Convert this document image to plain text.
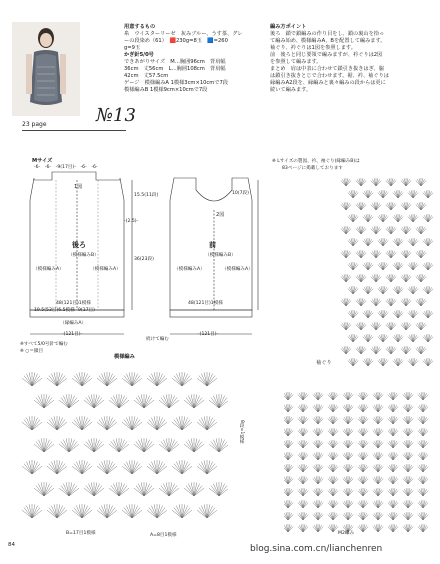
23 page	№13
用意するもの
糸　ウイスターリーゼ　灰みブルー、うす茶、グレ
ーの段染め（61）　🟥230g=8玉　🟦=260
g=9玉
かぎ針5/0号
できあがりサイズ　M…胸囲96cm　背肩幅
36cm　丈56cm　L…胸囲108cm　背肩幅
42cm　丈57.5cm
ゲージ　模様編みA 1模様3cm×10cmで7段
模様編みB 1模様9cm×10cmで7段
編み方ポイント
後ろ　鎖で鎖編みの作り目をし、鎖の裏山を拾っ
て編み始め、模様編みA、Bを配置して編みます。
袖ぐり、衿ぐりは1図を参照します。
前　後ろと同じ要領で編みますが、衿ぐりは2図
を参照して編みます。
まとめ　肩は中表に合わせて鎖引き抜きはぎ、脇
は鎖引き抜きとじで合わせます。裾、衿、袖ぐりは
縁編みA2段を、縁編みと裏々編みの段からは更に
続いて編みます。
Mサイズ
-6-　-6-　-9(17目)-　-6-　-6-
1図
2図
後ろ
（模様編みB）
前
（模様編みB）
（模様編みA）	（模様編みA）	（模様編みA）	（模様編みA）
36(23段)
15.5(11段)	10(7段)
-(2.5)-
48(121目)1模様	48(121目)1模様
19.5(53目)6.5模様 9(17目)
（縁編みA）
-(121目)-	-(121目)-
続けて編む
※ Lサイズの製図、衿、袖ぐり(縁編みB)は
83ページに掲載しております
※すべて5/0号針で編む
※ ○＝鎖目
模様編み
B=17目1模様	A=8目1模様
8段=1模様
袖ぐり
M2編み
84	blog.sina.com.cn/lianchenren
